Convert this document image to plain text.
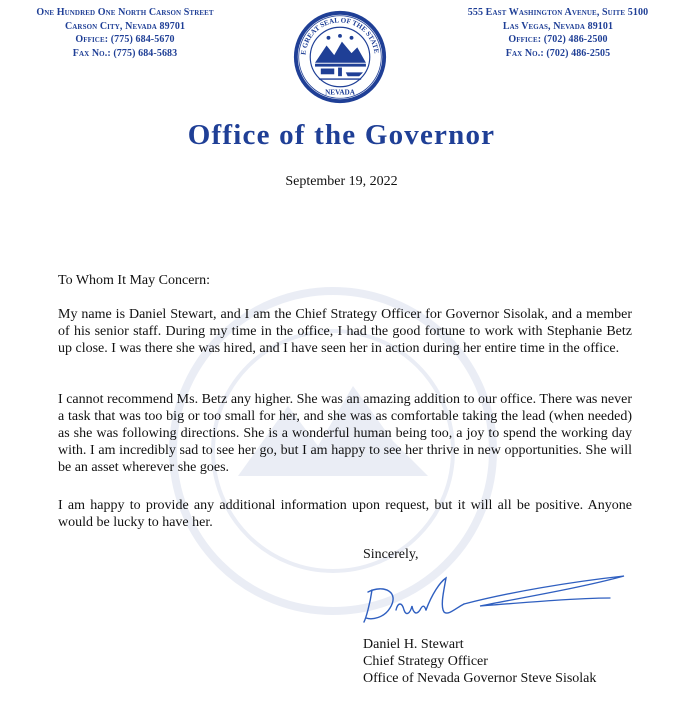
One Hundred One North Carson Street
Carson City, Nevada 89701
Office: (775) 684-5670
Fax No.: (775) 684-5683	E GREAT SEAL OF THE STATE
NEVADA
555 East Washington Avenue, Suite 5100
Las Vegas, Nevada 89101
Office: (702) 486-2500
Fax No.: (702) 486-2505
Office of the Governor
September 19, 2022
To Whom It May Concern:
My name is Daniel Stewart, and I am the Chief Strategy Officer for Governor Sisolak, and a member of his senior staff. During my time in the office, I had the good fortune to work with Stephanie Betz up close. I was there she was hired, and I have seen her in action during her entire time in the office.
I cannot recommend Ms. Betz any higher. She was an amazing addition to our office. There was never a task that was too big or too small for her, and she was as comfortable taking the lead (when needed) as she was following directions. She is a wonderful human being too, a joy to spend the working day with. I am incredibly sad to see her go, but I am happy to see her thrive in new opportunities. She will be an asset wherever she goes.
I am happy to provide any additional information upon request, but it will all be positive. Anyone would be lucky to have her.
Sincerely,
Daniel H. Stewart
Chief Strategy Officer
Office of Nevada Governor Steve Sisolak
